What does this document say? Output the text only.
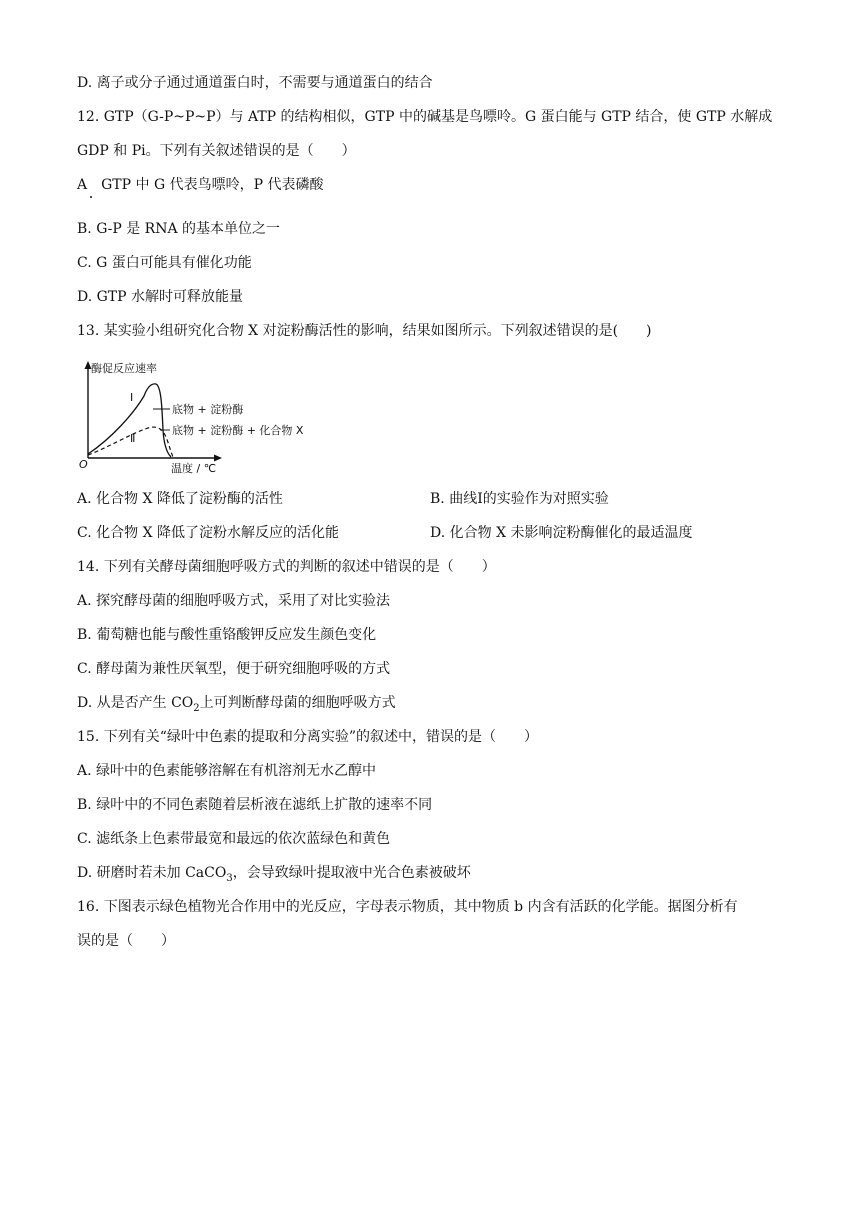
D. 离子或分子通过通道蛋白时，不需要与通道蛋白的结合
12. GTP（G-P~P~P）与 ATP 的结构相似，GTP 中的碱基是鸟嘌呤。G 蛋白能与 GTP 结合，使 GTP 水解成
GDP 和 Pi。下列有关叙述错误的是（　　）
A　GTP 中 G 代表鸟嘌呤，P 代表磷酸
B. G-P 是 RNA 的基本单位之一
C. G 蛋白可能具有催化功能
D. GTP 水解时可释放能量
13. 某实验小组研究化合物 X 对淀粉酶活性的影响，结果如图所示。下列叙述错误的是(　　)
酶促反应速率
O	温度 / ℃
Ⅰ
底物 + 淀粉酶
Ⅱ
底物 + 淀粉酶 + 化合物 X
A. 化合物 X 降低了淀粉酶的活性	B. 曲线Ⅰ的实验作为对照实验
C. 化合物 X 降低了淀粉水解反应的活化能	D. 化合物 X 未影响淀粉酶催化的最适温度
14. 下列有关酵母菌细胞呼吸方式的判断的叙述中错误的是（　　）
A. 探究酵母菌的细胞呼吸方式，采用了对比实验法
B. 葡萄糖也能与酸性重铬酸钾反应发生颜色变化
C. 酵母菌为兼性厌氧型，便于研究细胞呼吸的方式
D. 从是否产生 $CO_2$上可判断酵母菌的细胞呼吸方式
15. 下列有关“绿叶中色素的提取和分离实验”的叙述中，错误的是（　　）
A. 绿叶中的色素能够溶解在有机溶剂无水乙醇中
B. 绿叶中的不同色素随着层析液在滤纸上扩散的速率不同
C. 滤纸条上色素带最宽和最远的依次蓝绿色和黄色
D. 研磨时若未加 CaCO$_3$，会导致绿叶提取液中光合色素被破坏
16. 下图表示绿色植物光合作用中的光反应，字母表示物质，其中物质 b 内含有活跃的化学能。据图分析有
误的是（　　）
